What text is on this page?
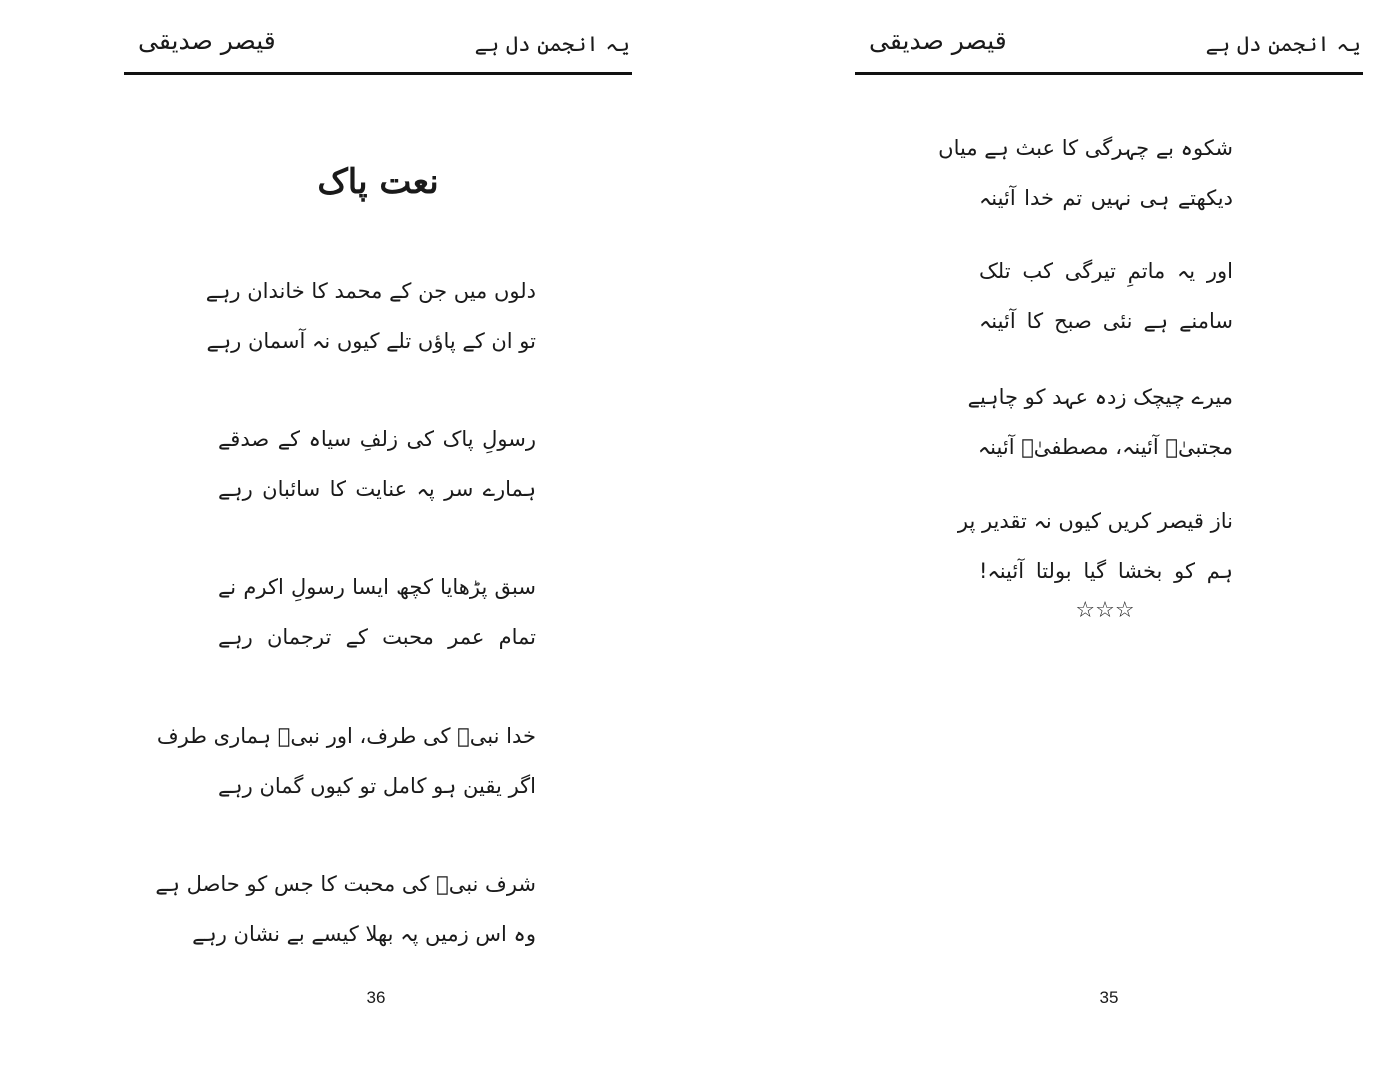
قیصر صدیقی	یہ انجمن دل ہے
نعت پاک
دلوں میں جن کے محمد کا خاندان رہے
تو ان کے پاؤں تلے کیوں نہ آسمان رہے
رسولِ پاک کی زلفِ سیاہ کے صدقے
ہمارے سر پہ عنایت کا سائبان رہے
سبق پڑھایا کچھ ایسا رسولِ اکرم نے
تمام عمر محبت کے ترجمان رہے
خدا نبیؐ کی طرف، اور نبیؐ ہماری طرف
اگر یقین ہو کامل تو کیوں گمان رہے
شرف نبیؐ کی محبت کا جس کو حاصل ہے
وہ اس زمیں پہ بھلا کیسے بے نشان رہے
36
قیصر صدیقی	یہ انجمن دل ہے
شکوہ بے چہرگی کا عبث ہے میاں
دیکھتے ہی نہیں تم خدا آئینہ
اور یہ ماتمِ تیرگی کب تلک
سامنے ہے نئی صبح کا آئینہ
میرے چیچک زدہ عہد کو چاہیے
مجتبیٰؐ آئینہ، مصطفیٰؐ آئینہ
ناز قیصر کریں کیوں نہ تقدیر پر
ہم کو بخشا گیا بولتا آئینہ!
☆☆☆
35
